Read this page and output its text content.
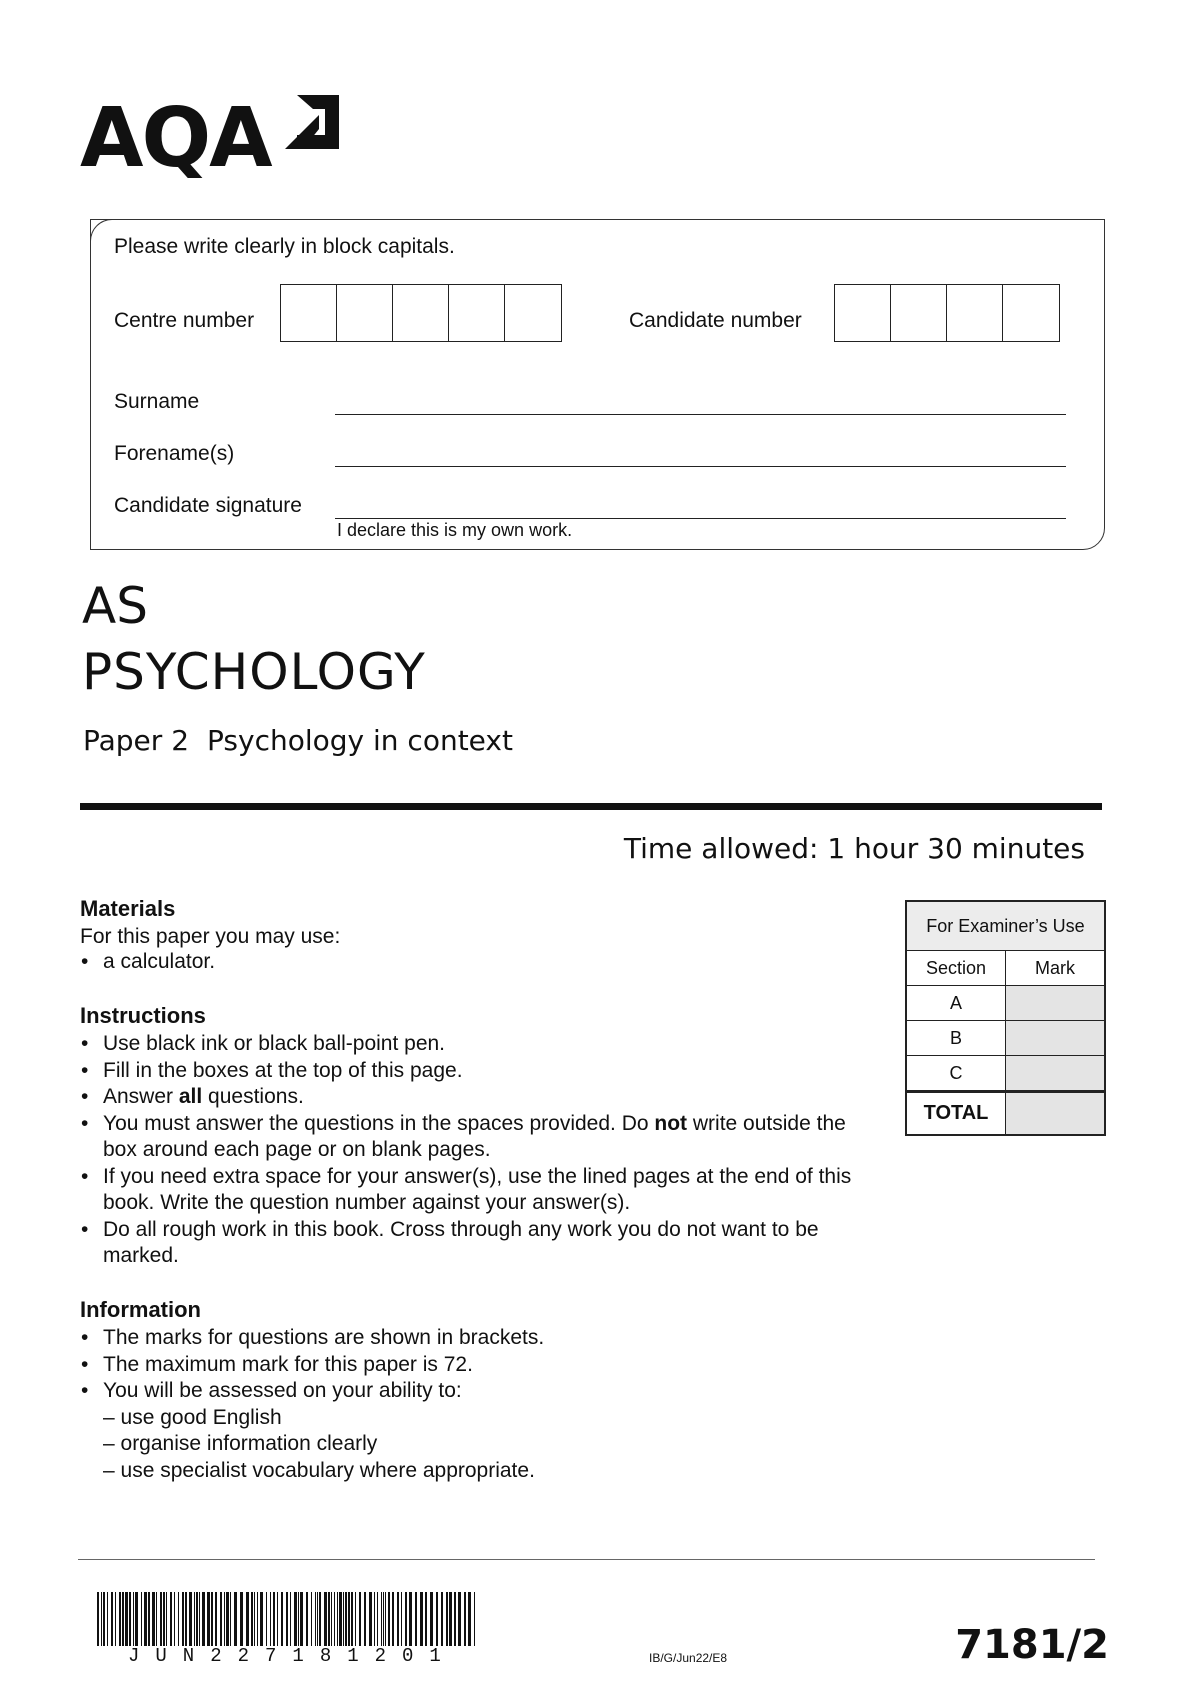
AQA
Please write clearly in block capitals.
Centre number	Candidate number
Surname
Forename(s)
Candidate signature
I declare this is my own work.
AS
PSYCHOLOGY
Paper 2 Psychology in context
Time allowed: 1 hour 30 minutes
Materials
For this paper you may use:
• a calculator.
Instructions
• Use black ink or black ball-point pen.
• Fill in the boxes at the top of this page.
• Answer all questions.
• You must answer the questions in the spaces provided. Do not write outside the box around each page or on blank pages.
• If you need extra space for your answer(s), use the lined pages at the end of this book. Write the question number against your answer(s).
• Do all rough work in this book. Cross through any work you do not want to be marked.
Information
• The marks for questions are shown in brackets.
• The maximum mark for this paper is 72.
• You will be assessed on your ability to:
– use good English
– organise information clearly
– use specialist vocabulary where appropriate.
For Examiner’s Use
Section	Mark
A
B
C
TOTAL
JUN227181201	IB/G/Jun22/E8	7181/2
